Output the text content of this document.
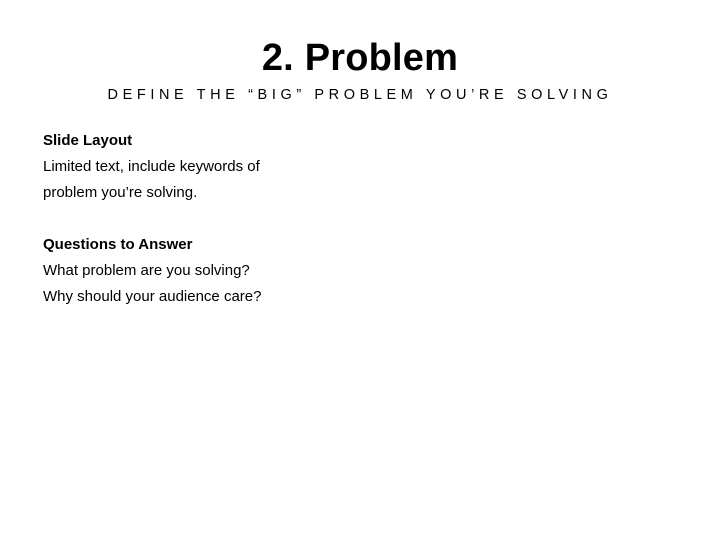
2. Problem
DEFINE THE “BIG” PROBLEM YOU’RE SOLVING
Slide Layout
Limited text, include keywords of
problem you’re solving.
Questions to Answer
What problem are you solving?
Why should your audience care?
